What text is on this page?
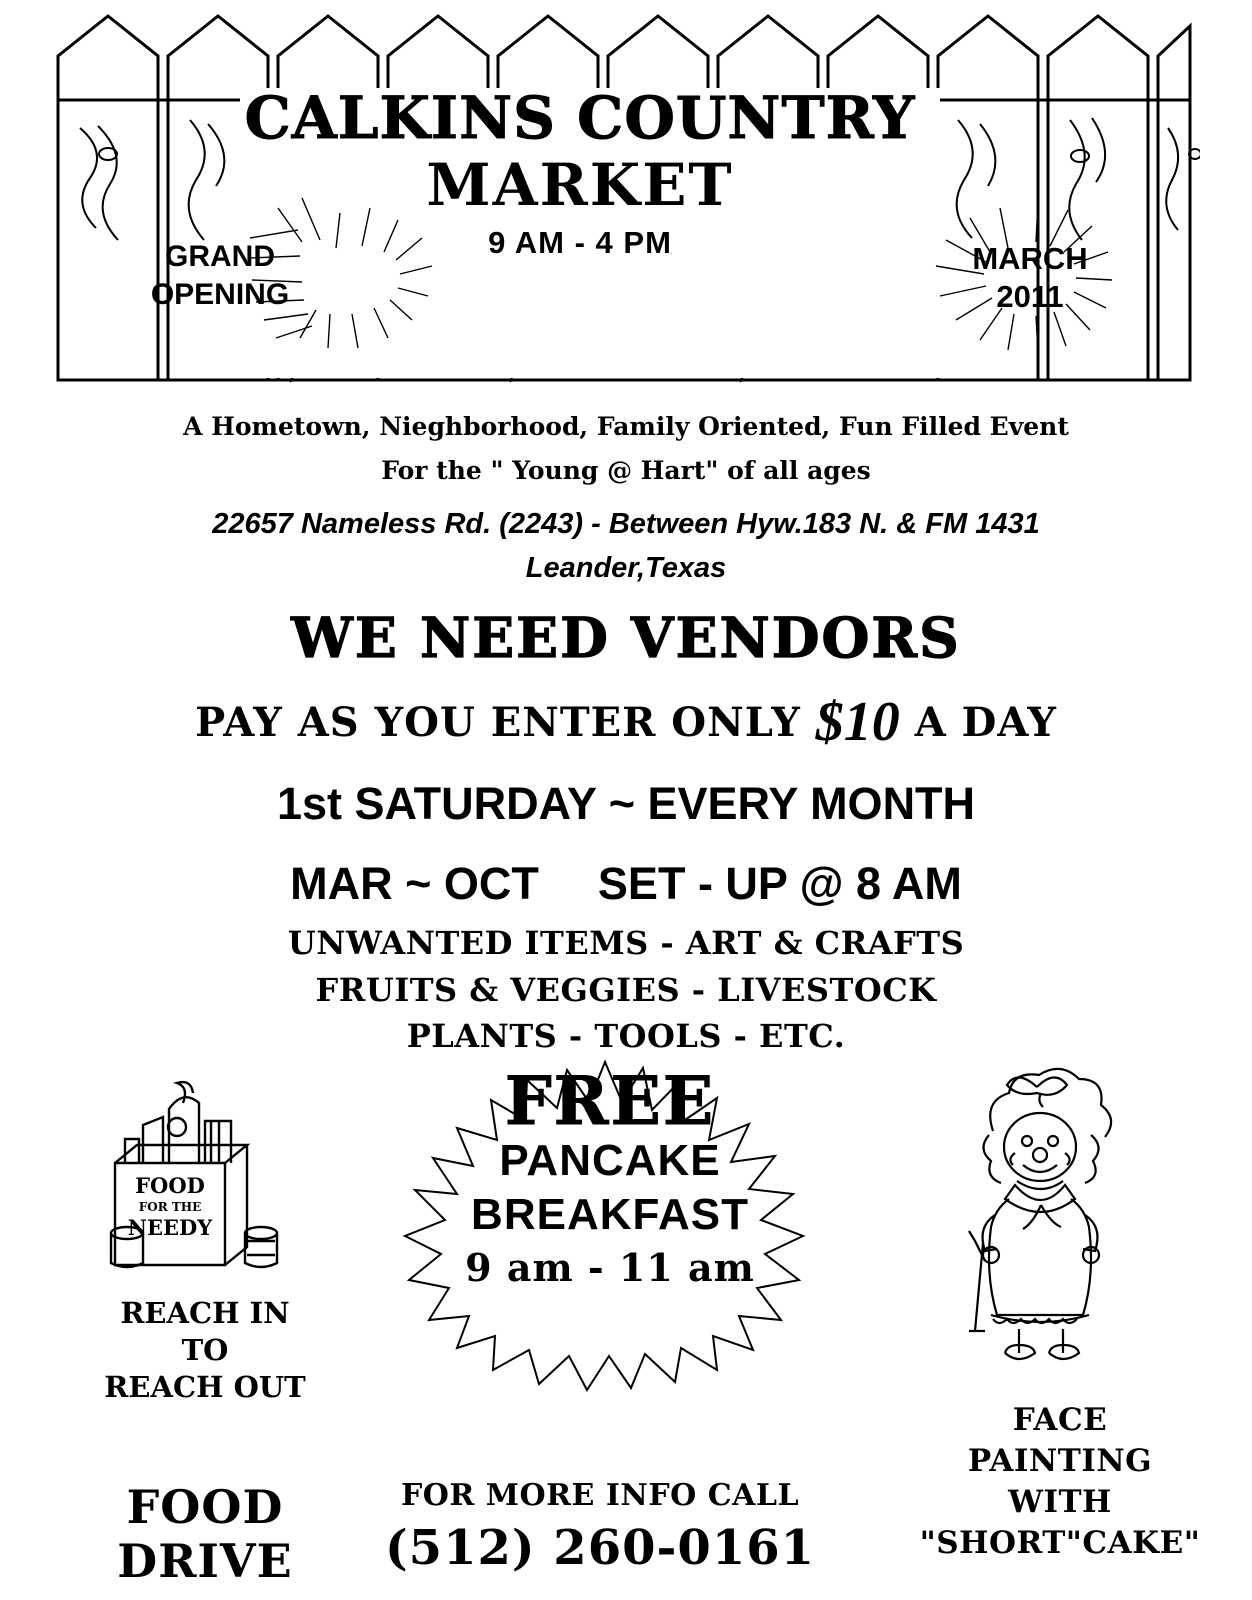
CALKINS COUNTRY
MARKET
9 AM - 4 PM
GRAND
OPENING
MARCH
2011
A Hometown, Nieghborhood, Family Oriented, Fun Filled Event
For the " Young @ Hart" of all ages
22657 Nameless Rd. (2243) - Between Hyw.183 N. & FM 1431
Leander,Texas
WE NEED VENDORS
PAY AS YOU ENTER ONLY $10 A DAY
1st SATURDAY ~ EVERY MONTH
MAR ~ OCT SET - UP @ 8 AM
UNWANTED ITEMS - ART & CRAFTS
FRUITS & VEGGIES - LIVESTOCK
PLANTS - TOOLS - ETC.
FOOD
FOR THE
NEEDY
REACH IN
TO
REACH OUT
FOOD
DRIVE
FREE
PANCAKE
BREAKFAST
9 am - 11 am
FOR MORE INFO CALL
(512) 260-0161
FACE
PAINTING
WITH
"SHORT"CAKE"
